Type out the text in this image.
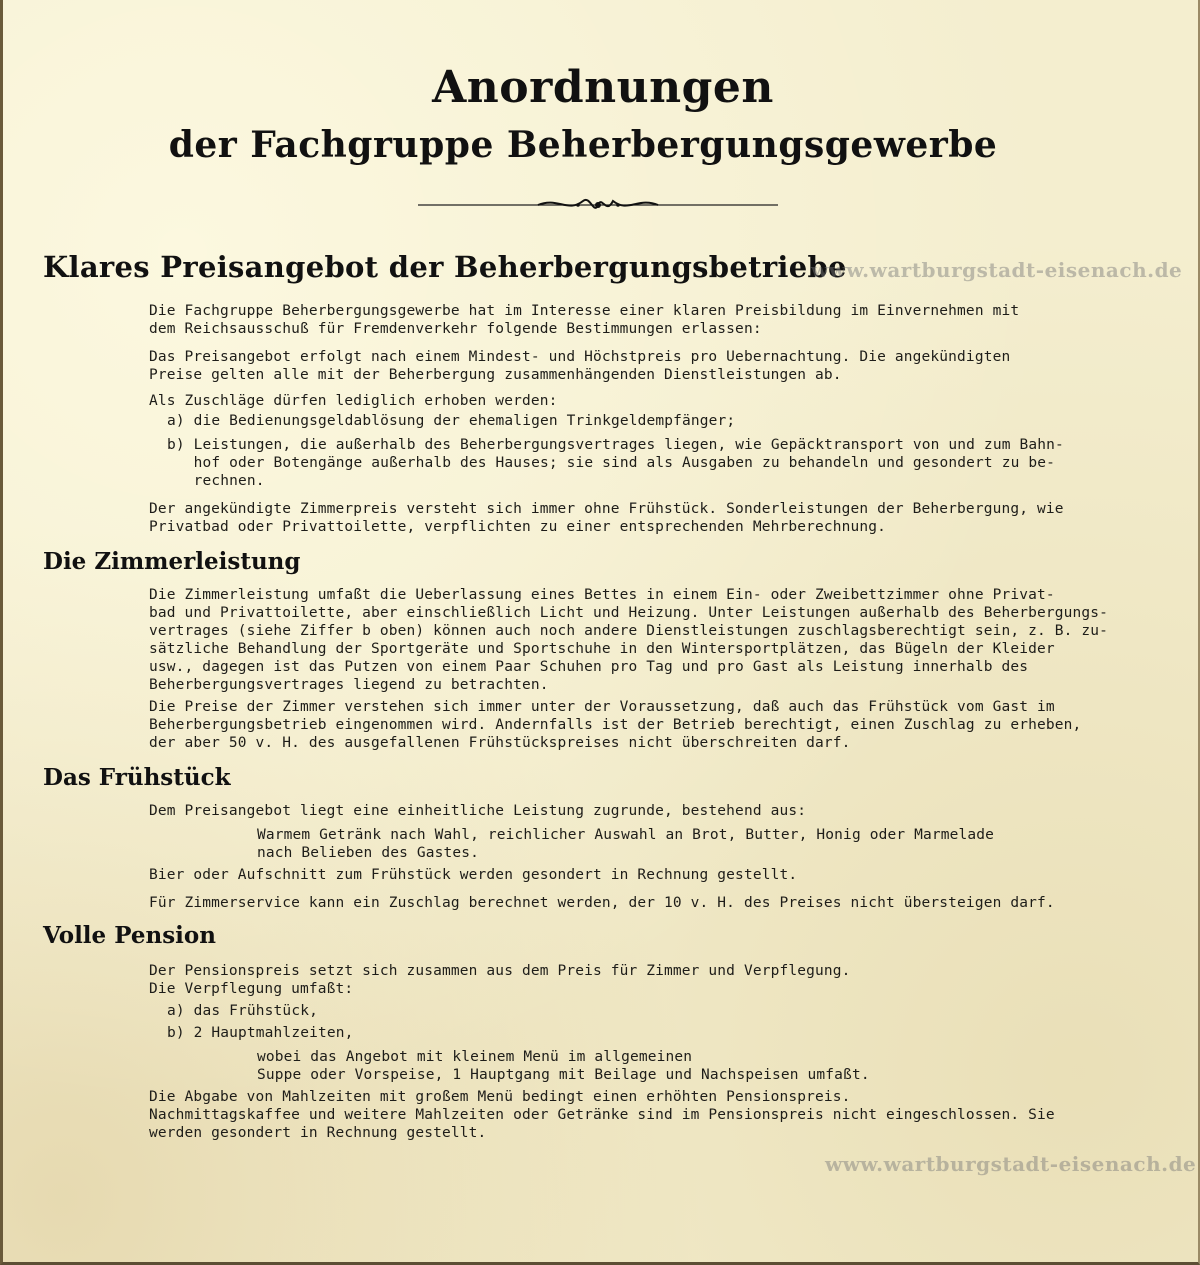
Anordnungen
der Fachgruppe Beherbergungsgewerbe
Klares Preisangebot der Beherbergungsbetriebe
www.wartburgstadt-eisenach.de
Die Fachgruppe Beherbergungsgewerbe hat im Interesse einer klaren Preisbildung im Einvernehmen mit
dem Reichsausschuß für Fremdenverkehr folgende Bestimmungen erlassen:
Das Preisangebot erfolgt nach einem Mindest- und Höchstpreis pro Uebernachtung. Die angekündigten
Preise gelten alle mit der Beherbergung zusammenhängenden Dienstleistungen ab.
Als Zuschläge dürfen lediglich erhoben werden:
a) die Bedienungsgeldablösung der ehemaligen Trinkgeldempfänger;
b) Leistungen, die außerhalb des Beherbergungsvertrages liegen, wie Gepäcktransport von und zum Bahn-
hof oder Botengänge außerhalb des Hauses; sie sind als Ausgaben zu behandeln und gesondert zu be-
rechnen.
Der angekündigte Zimmerpreis versteht sich immer ohne Frühstück. Sonderleistungen der Beherbergung, wie
Privatbad oder Privattoilette, verpflichten zu einer entsprechenden Mehrberechnung.
Die Zimmerleistung
Die Zimmerleistung umfaßt die Ueberlassung eines Bettes in einem Ein- oder Zweibettzimmer ohne Privat-
bad und Privattoilette, aber einschließlich Licht und Heizung. Unter Leistungen außerhalb des Beherbergungs-
vertrages (siehe Ziffer b oben) können auch noch andere Dienstleistungen zuschlagsberechtigt sein, z. B. zu-
sätzliche Behandlung der Sportgeräte und Sportschuhe in den Wintersportplätzen, das Bügeln der Kleider
usw., dagegen ist das Putzen von einem Paar Schuhen pro Tag und pro Gast als Leistung innerhalb des
Beherbergungsvertrages liegend zu betrachten.
Die Preise der Zimmer verstehen sich immer unter der Voraussetzung, daß auch das Frühstück vom Gast im
Beherbergungsbetrieb eingenommen wird. Andernfalls ist der Betrieb berechtigt, einen Zuschlag zu erheben,
der aber 50 v. H. des ausgefallenen Frühstückspreises nicht überschreiten darf.
Das Frühstück
Dem Preisangebot liegt eine einheitliche Leistung zugrunde, bestehend aus:
Warmem Getränk nach Wahl, reichlicher Auswahl an Brot, Butter, Honig oder Marmelade
nach Belieben des Gastes.
Bier oder Aufschnitt zum Frühstück werden gesondert in Rechnung gestellt.
Für Zimmerservice kann ein Zuschlag berechnet werden, der 10 v. H. des Preises nicht übersteigen darf.
Volle Pension
Der Pensionspreis setzt sich zusammen aus dem Preis für Zimmer und Verpflegung.
Die Verpflegung umfaßt:
a) das Frühstück,
b) 2 Hauptmahlzeiten,
wobei das Angebot mit kleinem Menü im allgemeinen
Suppe oder Vorspeise, 1 Hauptgang mit Beilage und Nachspeisen umfaßt.
Die Abgabe von Mahlzeiten mit großem Menü bedingt einen erhöhten Pensionspreis.
Nachmittagskaffee und weitere Mahlzeiten oder Getränke sind im Pensionspreis nicht eingeschlossen. Sie
werden gesondert in Rechnung gestellt.
www.wartburgstadt-eisenach.de
